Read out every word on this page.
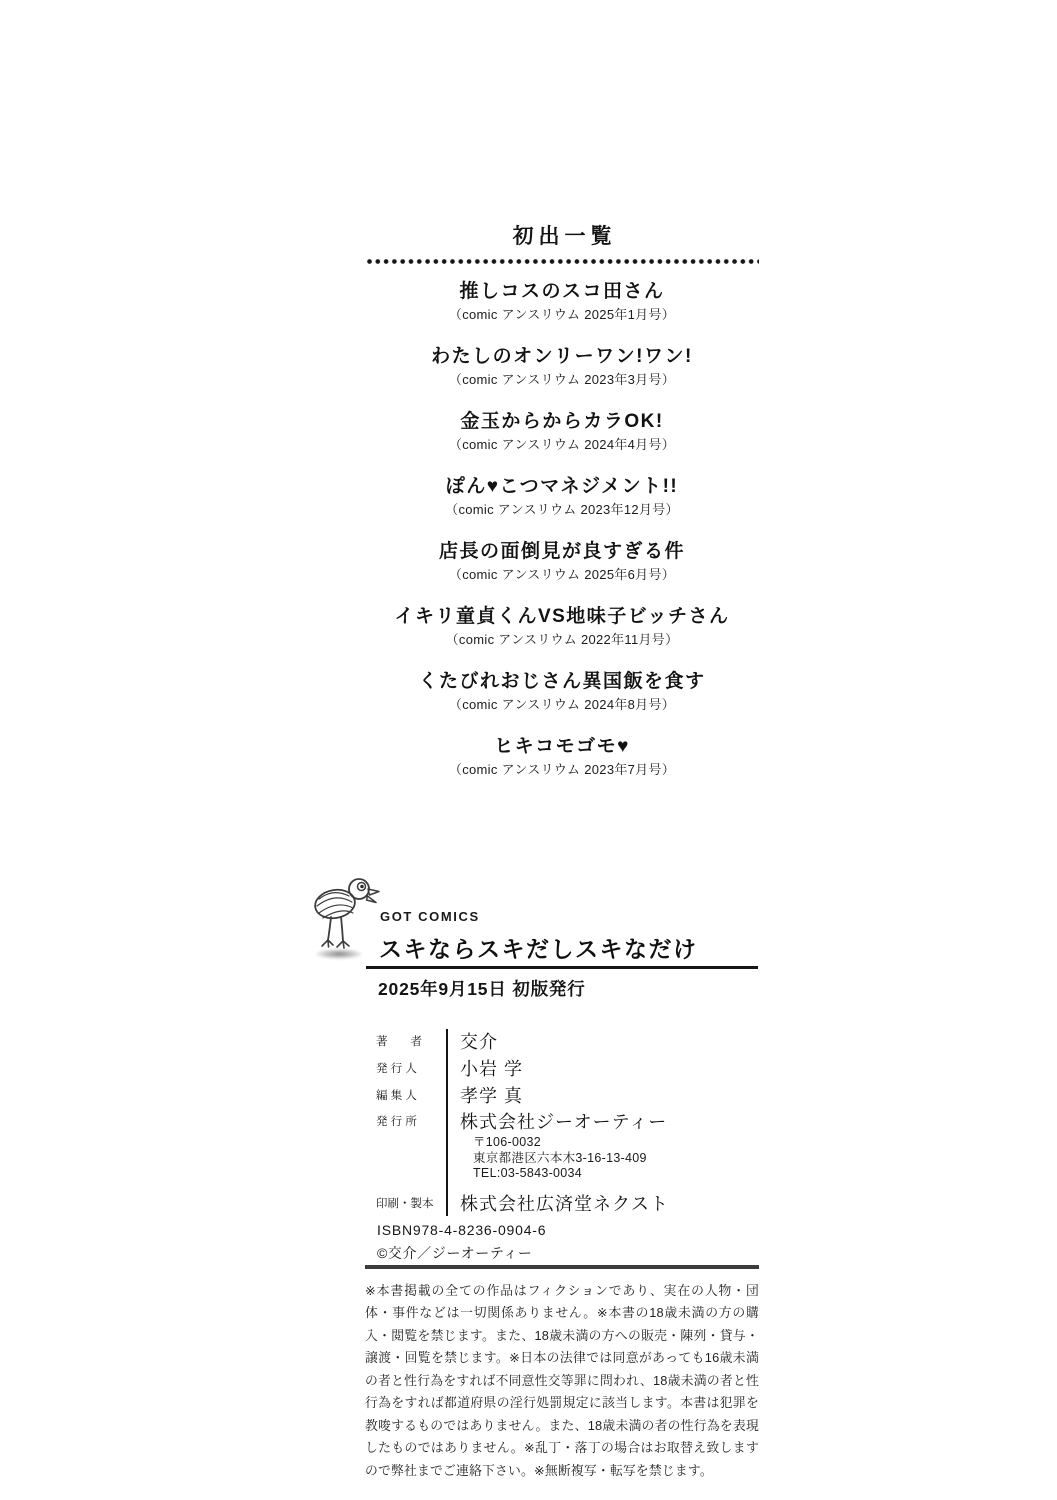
初出一覧
推しコスのスコ田さん
（comic アンスリウム 2025年1月号）
わたしのオンリーワン!ワン!
（comic アンスリウム 2023年3月号）
金玉からからカラOK!
（comic アンスリウム 2024年4月号）
ぽん♥こつマネジメント!!
（comic アンスリウム 2023年12月号）
店長の面倒見が良すぎる件
（comic アンスリウム 2025年6月号）
イキリ童貞くんVS地味子ビッチさん
（comic アンスリウム 2022年11月号）
くたびれおじさん異国飯を食す
（comic アンスリウム 2024年8月号）
ヒキコモゴモ♥
（comic アンスリウム 2023年7月号）
GOT COMICS
スキならスキだしスキなだけ
2025年9月15日 初版発行
著　　者	交介
発 行 人	小岩 学
編 集 人	孝学 真
発 行 所	株式会社ジーオーティー
〒106-0032
東京都港区六本木3-16-13-409
TEL:03-5843-0034
印刷・製本	株式会社広済堂ネクスト
ISBN978-4-8236-0904-6
©交介／ジーオーティー

※本書掲載の全ての作品はフィクションであり、実在の人物・団体・事件などは一切関係ありません。※本書の18歳未満の方の購入・閲覧を禁じます。また、18歳未満の方への販売・陳列・貸与・譲渡・回覧を禁じます。※日本の法律では同意があっても16歳未満の者と性行為をすれば不同意性交等罪に問われ、18歳未満の者と性行為をすれば都道府県の淫行処罰規定に該当します。本書は犯罪を教唆するものではありません。また、18歳未満の者の性行為を表現したものではありません。※乱丁・落丁の場合はお取替え致しますので弊社までご連絡下さい。※無断複写・転写を禁じます。
